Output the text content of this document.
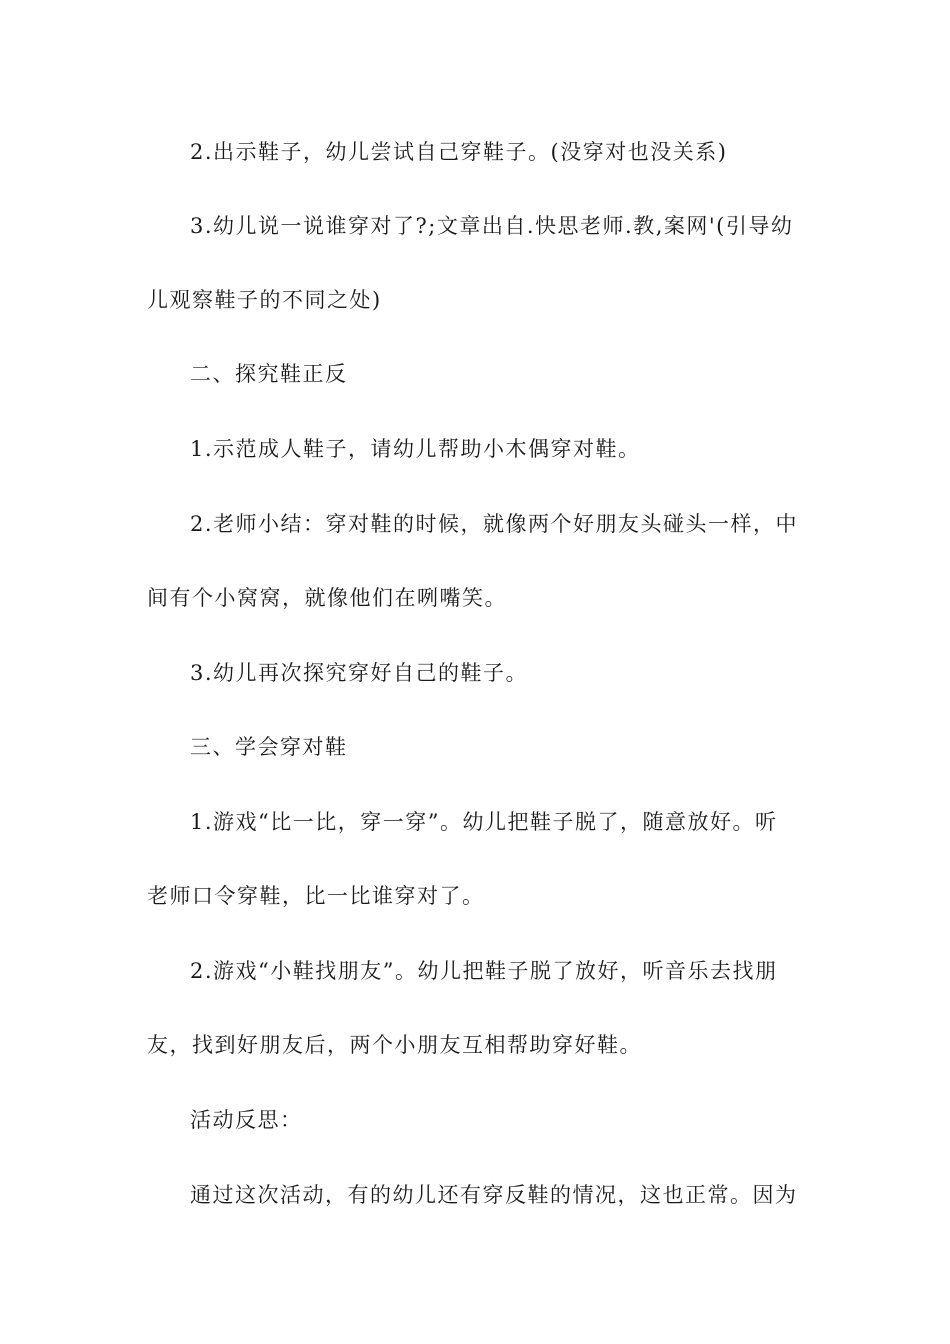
2.出示鞋子，幼儿尝试自己穿鞋子。(没穿对也没关系)
3.幼儿说一说谁穿对了?;文章出自.快思老师.教,案网'(引导幼
儿观察鞋子的不同之处)
二、探究鞋正反
1.示范成人鞋子，请幼儿帮助小木偶穿对鞋。
2.老师小结：穿对鞋的时候，就像两个好朋友头碰头一样，中
间有个小窝窝，就像他们在咧嘴笑。
3.幼儿再次探究穿好自己的鞋子。
三、学会穿对鞋
1.游戏“比一比，穿一穿”。幼儿把鞋子脱了，随意放好。听
老师口令穿鞋，比一比谁穿对了。
2.游戏“小鞋找朋友”。幼儿把鞋子脱了放好，听音乐去找朋
友，找到好朋友后，两个小朋友互相帮助穿好鞋。
活动反思：
通过这次活动，有的幼儿还有穿反鞋的情况，这也正常。因为
